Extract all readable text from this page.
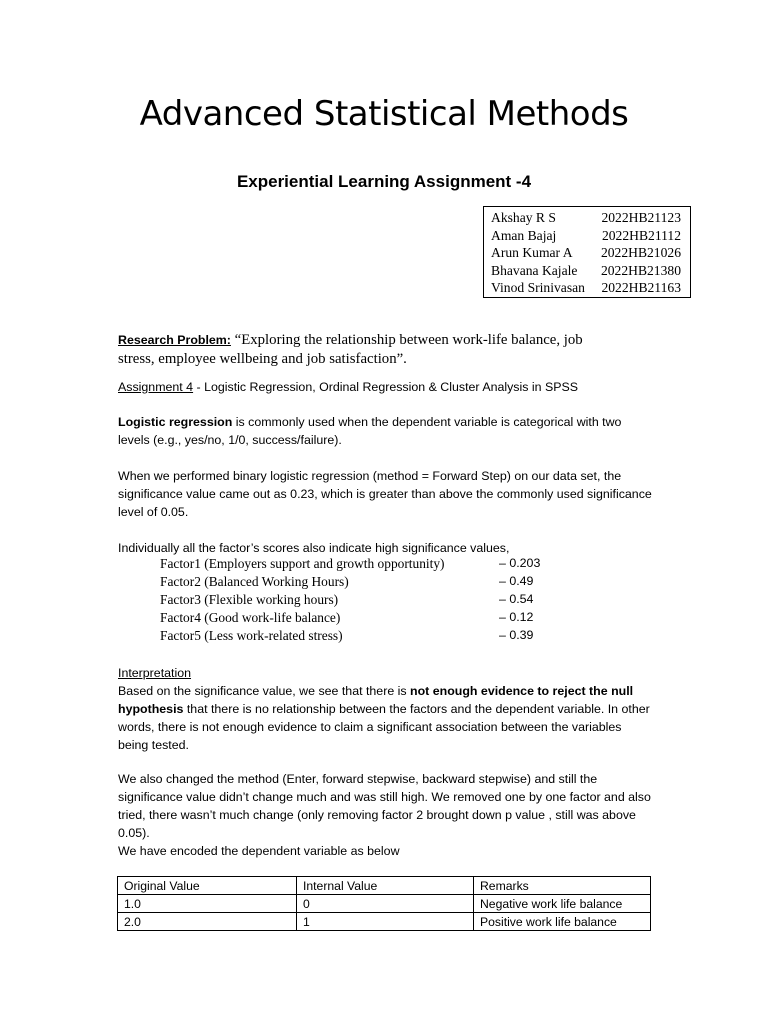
Advanced Statistical Methods
Experiential Learning Assignment -4
Akshay R S	2022HB21123
Aman Bajaj	2022HB21112
Arun Kumar A 2022HB21026
Bhavana Kajale 2022HB21380
Vinod Srinivasan 2022HB21163
Research Problem: “Exploring the relationship between work-life balance, job stress, employee wellbeing and job satisfaction”.
Assignment 4 - Logistic Regression, Ordinal Regression & Cluster Analysis in SPSS
Logistic regression is commonly used when the dependent variable is categorical with two levels (e.g., yes/no, 1/0, success/failure).
When we performed binary logistic regression (method = Forward Step) on our data set, the significance value came out as 0.23, which is greater than above the commonly used significance level of 0.05.
Individually all the factor’s scores also indicate high significance values,
Factor1 (Employers support and growth opportunity)	– 0.203
Factor2 (Balanced Working Hours)	– 0.49
Factor3 (Flexible working hours)	– 0.54
Factor4 (Good work-life balance)	– 0.12
Factor5 (Less work-related stress)	– 0.39
Interpretation
Based on the significance value, we see that there is not enough evidence to reject the null hypothesis that there is no relationship between the factors and the dependent variable. In other words, there is not enough evidence to claim a significant association between the variables being tested.
We also changed the method (Enter, forward stepwise, backward stepwise) and still the significance value didn’t change much and was still high. We removed one by one factor and also tried, there wasn’t much change (only removing factor 2 brought down p value , still was above 0.05).
We have encoded the dependent variable as below
Original Value	Internal Value	Remarks
1.0	0	Negative work life balance
2.0	1	Positive work life balance
